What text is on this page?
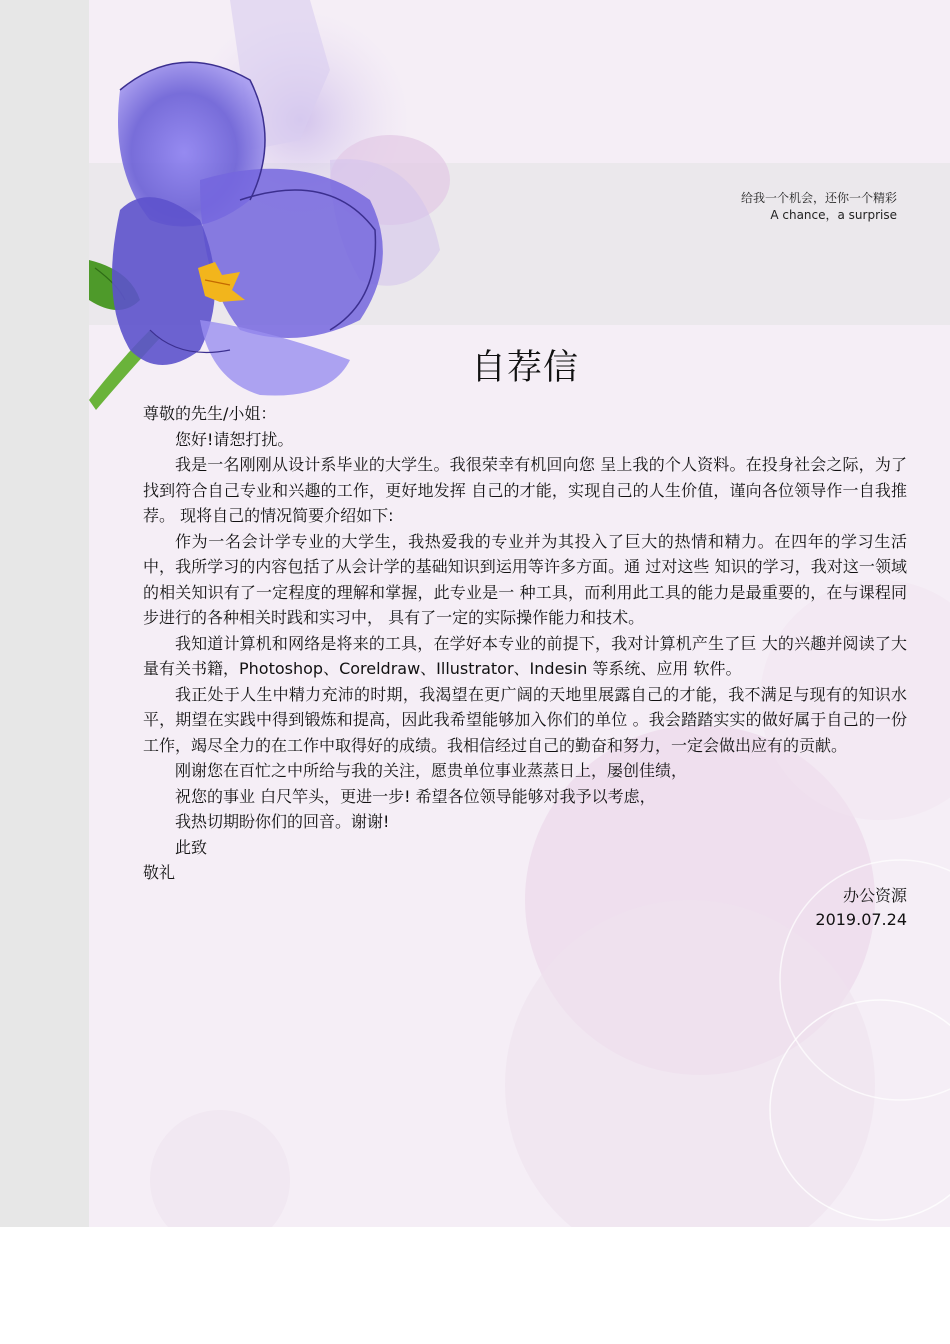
给我一个机会，还你一个精彩
A chance，a surprise
自荐信

尊敬的先生/小姐：

您好!请恕打扰。

我是一名刚刚从设计系毕业的大学生。我很荣幸有机回向您 呈上我的个人资料。在投身社会之际，为了找到符合自己专业和兴趣的工作，更好地发挥 自己的才能，实现自己的人生价值，谨向各位领导作一自我推荐。 现将自己的情况简要介绍如下:

作为一名会计学专业的大学生，我热爱我的专业并为其投入了巨大的热情和精力。在四年的学习生活中，我所学习的内容包括了从会计学的基础知识到运用等许多方面。通 过对这些 知识的学习，我对这一领域的相关知识有了一定程度的理解和掌握，此专业是一 种工具，而利用此工具的能力是最重要的，在与课程同步进行的各种相关时践和实习中， 具有了一定的实际操作能力和技术。

我知道计算机和网络是将来的工具，在学好本专业的前提下，我对计算机产生了巨 大的兴趣并阅读了大量有关书籍，Photoshop、Coreldraw、Illustrator、Indesin 等系统、应用 软件。

我正处于人生中精力充沛的时期，我渴望在更广阔的天地里展露自己的才能，我不满足与现有的知识水平，期望在实践中得到锻炼和提高，因此我希望能够加入你们的单位 。我会踏踏实实的做好属于自己的一份工作，竭尽全力的在工作中取得好的成绩。我相信经过自己的勤奋和努力，一定会做出应有的贡献。

刚谢您在百忙之中所给与我的关注，愿贵单位事业蒸蒸日上，屡创佳绩，

祝您的事业 白尺竿头，更进一步! 希望各位领导能够对我予以考虑，

我热切期盼你们的回音。谢谢!

此致

敬礼

办公资源
2019.07.24
